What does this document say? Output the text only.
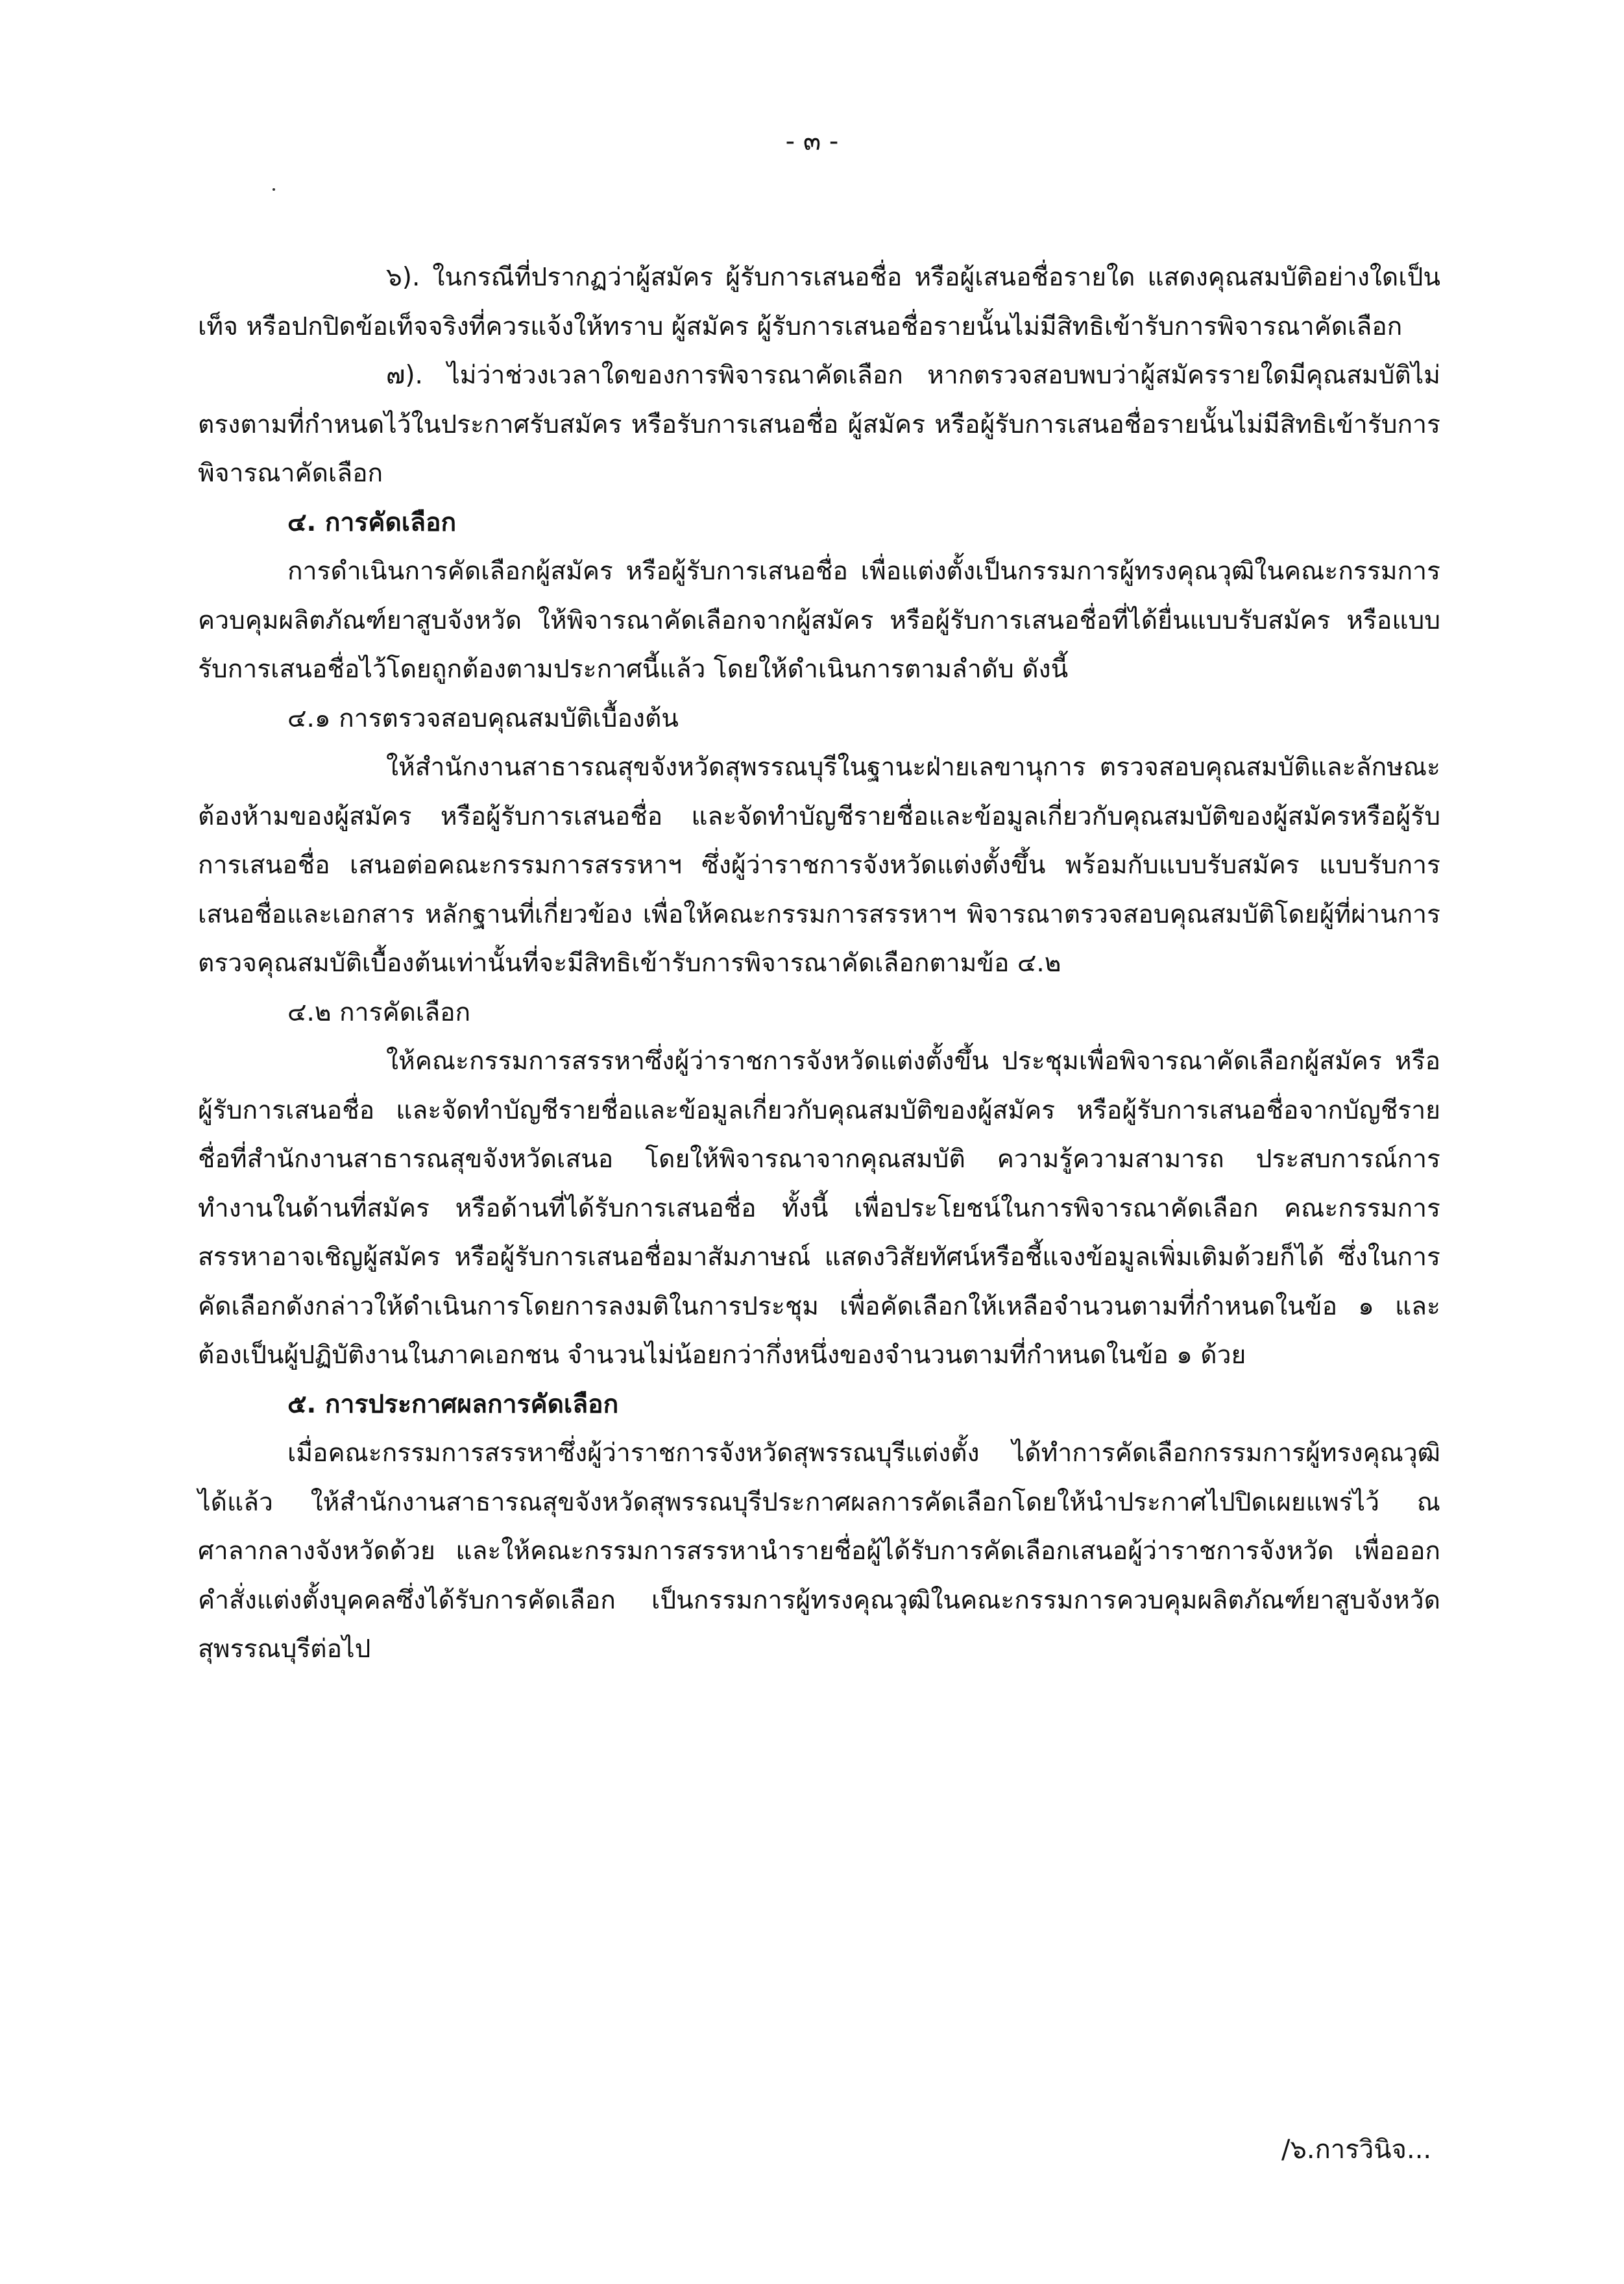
- ๓ -

๖). ในกรณีที่ปรากฏว่าผู้สมัคร ผู้รับการเสนอชื่อ หรือผู้เสนอชื่อรายใด แสดงคุณสมบัติอย่างใดเป็นเท็จ หรือปกปิดข้อเท็จจริงที่ควรแจ้งให้ทราบ ผู้สมัคร ผู้รับการเสนอชื่อรายนั้นไม่มีสิทธิเข้ารับการพิจารณาคัดเลือก

๗). ไม่ว่าช่วงเวลาใดของการพิจารณาคัดเลือก หากตรวจสอบพบว่าผู้สมัครรายใดมีคุณสมบัติไม่ตรงตามที่กำหนดไว้ในประกาศรับสมัคร หรือรับการเสนอชื่อ ผู้สมัคร หรือผู้รับการเสนอชื่อรายนั้นไม่มีสิทธิเข้ารับการพิจารณาคัดเลือก

๔. การคัดเลือก

การดำเนินการคัดเลือกผู้สมัคร หรือผู้รับการเสนอชื่อ เพื่อแต่งตั้งเป็นกรรมการผู้ทรงคุณวุฒิในคณะกรรมการควบคุมผลิตภัณฑ์ยาสูบจังหวัด ให้พิจารณาคัดเลือกจากผู้สมัคร หรือผู้รับการเสนอชื่อที่ได้ยื่นแบบรับสมัคร หรือแบบรับการเสนอชื่อไว้โดยถูกต้องตามประกาศนี้แล้ว โดยให้ดำเนินการตามลำดับ ดังนี้

๔.๑ การตรวจสอบคุณสมบัติเบื้องต้น

ให้สำนักงานสาธารณสุขจังหวัดสุพรรณบุรีในฐานะฝ่ายเลขานุการ ตรวจสอบคุณสมบัติและลักษณะต้องห้ามของผู้สมัคร หรือผู้รับการเสนอชื่อ และจัดทำบัญชีรายชื่อและข้อมูลเกี่ยวกับคุณสมบัติของผู้สมัครหรือผู้รับการเสนอชื่อ เสนอต่อคณะกรรมการสรรหาฯ ซึ่งผู้ว่าราชการจังหวัดแต่งตั้งขึ้น พร้อมกับแบบรับสมัคร แบบรับการเสนอชื่อและเอกสาร หลักฐานที่เกี่ยวข้อง เพื่อให้คณะกรรมการสรรหาฯ พิจารณาตรวจสอบคุณสมบัติโดยผู้ที่ผ่านการตรวจคุณสมบัติเบื้องต้นเท่านั้นที่จะมีสิทธิเข้ารับการพิจารณาคัดเลือกตามข้อ ๔.๒

๔.๒ การคัดเลือก

ให้คณะกรรมการสรรหาซึ่งผู้ว่าราชการจังหวัดแต่งตั้งขึ้น ประชุมเพื่อพิจารณาคัดเลือกผู้สมัคร หรือผู้รับการเสนอชื่อ และจัดทำบัญชีรายชื่อและข้อมูลเกี่ยวกับคุณสมบัติของผู้สมัคร หรือผู้รับการเสนอชื่อจากบัญชีรายชื่อที่สำนักงานสาธารณสุขจังหวัดเสนอ โดยให้พิจารณาจากคุณสมบัติ ความรู้ความสามารถ ประสบการณ์การทำงานในด้านที่สมัคร หรือด้านที่ได้รับการเสนอชื่อ ทั้งนี้ เพื่อประโยชน์ในการพิจารณาคัดเลือก คณะกรรมการสรรหาอาจเชิญผู้สมัคร หรือผู้รับการเสนอชื่อมาสัมภาษณ์ แสดงวิสัยทัศน์หรือชี้แจงข้อมูลเพิ่มเติมด้วยก็ได้ ซึ่งในการคัดเลือกดังกล่าวให้ดำเนินการโดยการลงมติในการประชุม เพื่อคัดเลือกให้เหลือจำนวนตามที่กำหนดในข้อ ๑ และต้องเป็นผู้ปฏิบัติงานในภาคเอกชน จำนวนไม่น้อยกว่ากึ่งหนึ่งของจำนวนตามที่กำหนดในข้อ ๑ ด้วย

๕. การประกาศผลการคัดเลือก

เมื่อคณะกรรมการสรรหาซึ่งผู้ว่าราชการจังหวัดสุพรรณบุรีแต่งตั้ง ได้ทำการคัดเลือกกรรมการผู้ทรงคุณวุฒิได้แล้ว ให้สำนักงานสาธารณสุขจังหวัดสุพรรณบุรีประกาศผลการคัดเลือกโดยให้นำประกาศไปปิดเผยแพร่ไว้ ณ ศาลากลางจังหวัดด้วย และให้คณะกรรมการสรรหานำรายชื่อผู้ได้รับการคัดเลือกเสนอผู้ว่าราชการจังหวัด เพื่อออกคำสั่งแต่งตั้งบุคคลซึ่งได้รับการคัดเลือก เป็นกรรมการผู้ทรงคุณวุฒิในคณะกรรมการควบคุมผลิตภัณฑ์ยาสูบจังหวัดสุพรรณบุรีต่อไป

/๖.การวินิจ...
